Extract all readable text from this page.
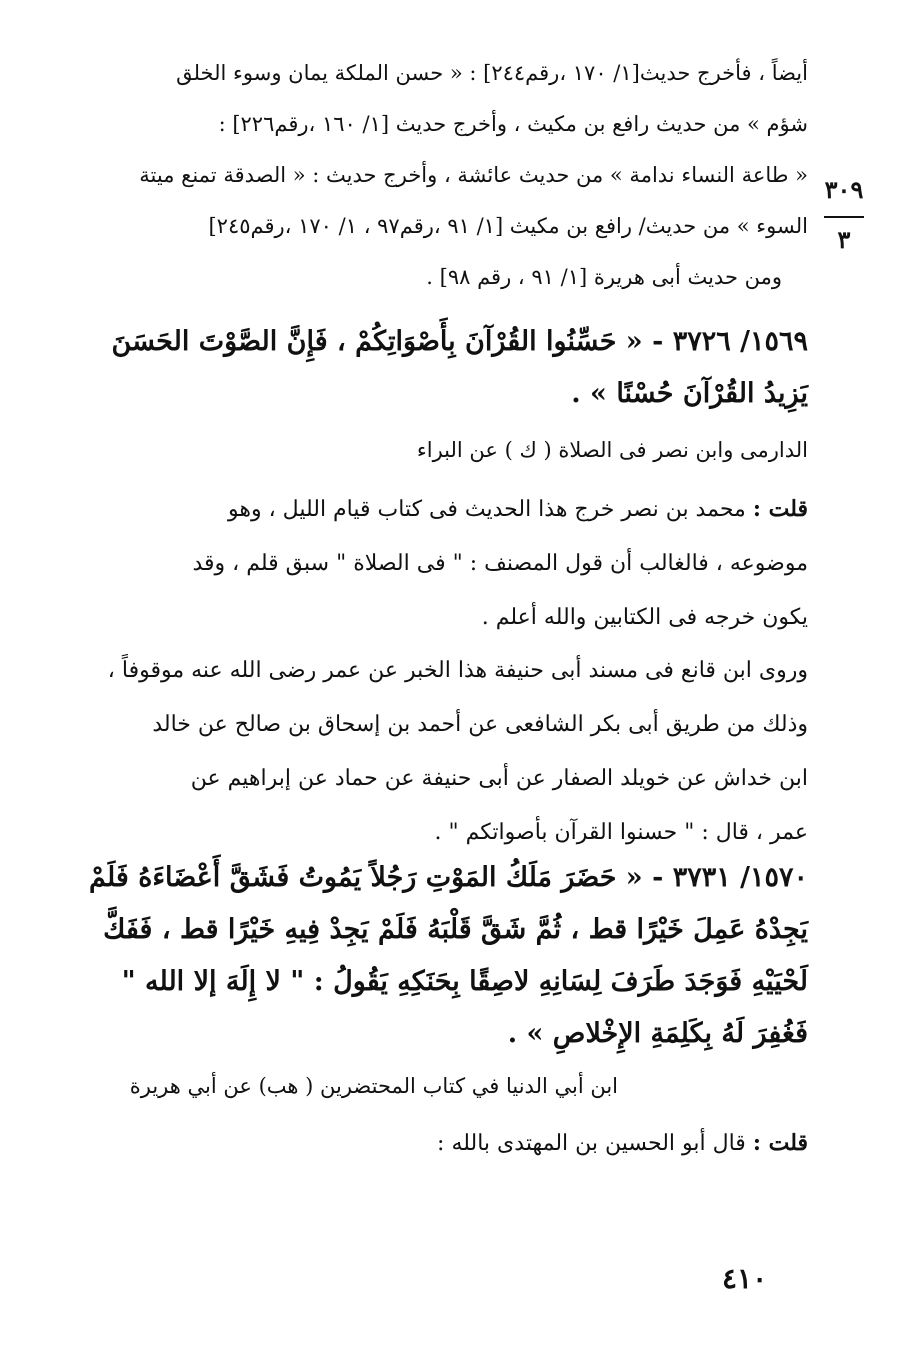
أيضاً ، فأخرج حديث[١/ ١٧٠ ،رقم٢٤٤] : « حسن الملكة يمان وسوء الخلق
شؤم » من حديث رافع بن مكيث ، وأخرج حديث [١/ ١٦٠ ،رقم٢٢٦] :
« طاعة النساء ندامة » من حديث عائشة ، وأخرج حديث : « الصدقة تمنع ميتة
السوء » من حديث/ رافع بن مكيث [١/ ٩١ ،رقم٩٧ ، ١/ ١٧٠ ،رقم٢٤٥]
ومن حديث أبى هريرة [١/ ٩١ ، رقم ٩٨] .
٣٠٩
٣
١٥٦٩/ ٣٧٢٦ - « حَسِّنُوا القُرْآنَ بِأَصْوَاتِكُمْ ، فَإِنَّ الصَّوْتَ الحَسَنَ
يَزِيدُ القُرْآنَ حُسْنًا » .
الدارمى وابن نصر فى الصلاة ( ك ) عن البراء
قلت : محمد بن نصر خرج هذا الحديث فى كتاب قيام الليل ، وهو
موضوعه ، فالغالب أن قول المصنف : " فى الصلاة " سبق قلم ، وقد
يكون خرجه فى الكتابين والله أعلم .
وروى ابن قانع فى مسند أبى حنيفة هذا الخبر عن عمر رضى الله عنه موقوفاً ،
وذلك من طريق أبى بكر الشافعى عن أحمد بن إسحاق بن صالح عن خالد
ابن خداش عن خويلد الصفار عن أبى حنيفة عن حماد عن إبراهيم عن
عمر ، قال : " حسنوا القرآن بأصواتكم " .
١٥٧٠/ ٣٧٣١ - « حَضَرَ مَلَكُ المَوْتِ رَجُلاً يَمُوتُ فَشَقَّ أَعْضَاءَهُ فَلَمْ
يَجِدْهُ عَمِلَ خَيْرًا قط ، ثُمَّ شَقَّ قَلْبَهُ فَلَمْ يَجِدْ فِيهِ خَيْرًا قط ، فَفَكَّ
لَحْيَيْهِ فَوَجَدَ طَرَفَ لِسَانِهِ لاصِقًا بِحَنَكِهِ يَقُولُ : " لا إِلَهَ إلا الله "
فَغُفِرَ لَهُ بِكَلِمَةِ الإِخْلاصِ » .
ابن أبي الدنيا في كتاب المحتضرين ( هب) عن أبي هريرة
قلت : قال أبو الحسين بن المهتدى بالله :
٤١٠
